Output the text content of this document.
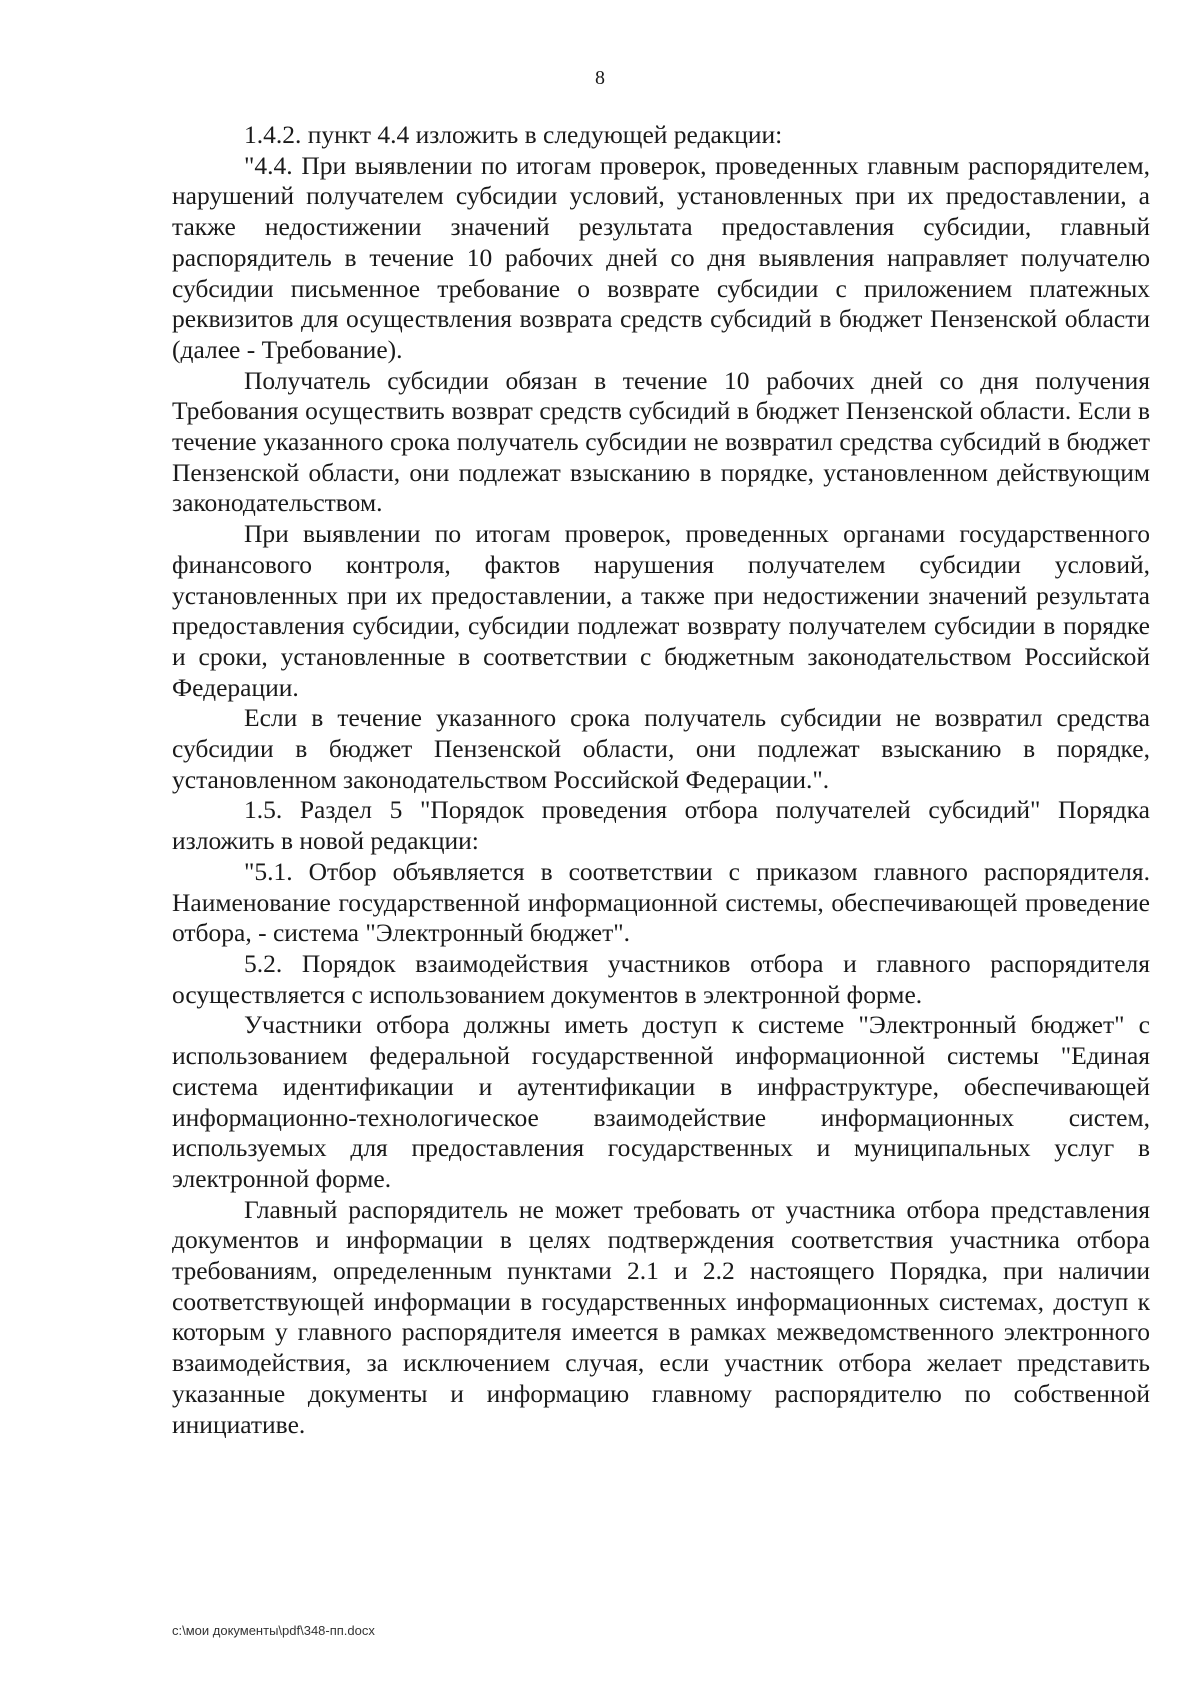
8

1.4.2. пункт 4.4 изложить в следующей редакции:

"4.4. При выявлении по итогам проверок, проведенных главным распорядителем, нарушений получателем субсидии условий, установленных при их предоставлении, а также недостижении значений результата предоставления субсидии, главный распорядитель в течение 10 рабочих дней со дня выявления направляет получателю субсидии письменное требование о возврате субсидии с приложением платежных реквизитов для осуществления возврата средств субсидий в бюджет Пензенской области (далее - Требование).

Получатель субсидии обязан в течение 10 рабочих дней со дня получения Требования осуществить возврат средств субсидий в бюджет Пензенской области. Если в течение указанного срока получатель субсидии не возвратил средства субсидий в бюджет Пензенской области, они подлежат взысканию в порядке, установленном действующим законодательством.

При выявлении по итогам проверок, проведенных органами государственного финансового контроля, фактов нарушения получателем субсидии условий, установленных при их предоставлении, а также при недостижении значений результата предоставления субсидии, субсидии подлежат возврату получателем субсидии в порядке и сроки, установленные в соответствии с бюджетным законодательством Российской Федерации.

Если в течение указанного срока получатель субсидии не возвратил средства субсидии в бюджет Пензенской области, они подлежат взысканию в порядке, установленном законодательством Российской Федерации.".

1.5. Раздел 5 "Порядок проведения отбора получателей субсидий" Порядка изложить в новой редакции:

"5.1. Отбор объявляется в соответствии с приказом главного распорядителя. Наименование государственной информационной системы, обеспечивающей проведение отбора, - система "Электронный бюджет".

5.2. Порядок взаимодействия участников отбора и главного распорядителя осуществляется с использованием документов в электронной форме.

Участники отбора должны иметь доступ к системе "Электронный бюджет" с использованием федеральной государственной информационной системы "Единая система идентификации и аутентификации в инфраструктуре, обеспечивающей информационно-технологическое взаимодействие информационных систем, используемых для предоставления государственных и муниципальных услуг в электронной форме.

Главный распорядитель не может требовать от участника отбора представления документов и информации в целях подтверждения соответствия участника отбора требованиям, определенным пунктами 2.1 и 2.2 настоящего Порядка, при наличии соответствующей информации в государственных информационных системах, доступ к которым у главного распорядителя имеется в рамках межведомственного электронного взаимодействия, за исключением случая, если участник отбора желает представить указанные документы и информацию главному распорядителю по собственной инициативе.

c:\мои документы\pdf\348-пп.docx
